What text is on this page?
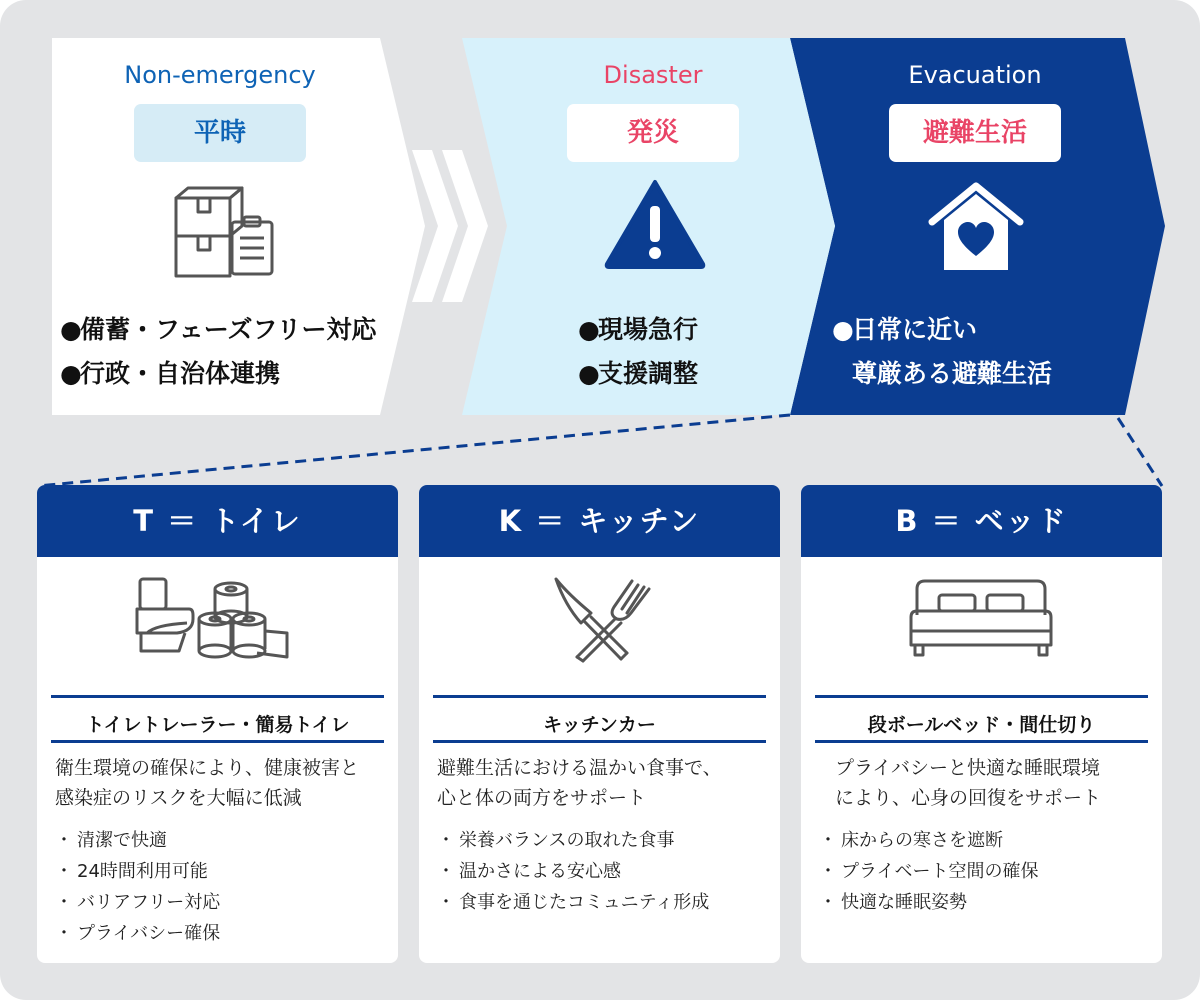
Non-emergency
平時
●備蓄・フェーズフリー対応
●行政・自治体連携
Disaster
発災
●現場急行
●支援調整
Evacuation
避難生活
●日常に近い
尊厳ある避難生活
T ＝ トイレ
トイレトレーラー・簡易トイレ
衛生環境の確保により、健康被害と
感染症のリスクを大幅に低減
・ 清潔で快適
・ 24時間利用可能
・ バリアフリー対応
・ プライバシー確保
K ＝ キッチン
キッチンカー
避難生活における温かい食事で、
心と体の両方をサポート
・ 栄養バランスの取れた食事
・ 温かさによる安心感
・ 食事を通じたコミュニティ形成
B ＝ ベッド
段ボールベッド・間仕切り
プライバシーと快適な睡眠環境
により、心身の回復をサポート
・ 床からの寒さを遮断
・ プライベート空間の確保
・ 快適な睡眠姿勢
